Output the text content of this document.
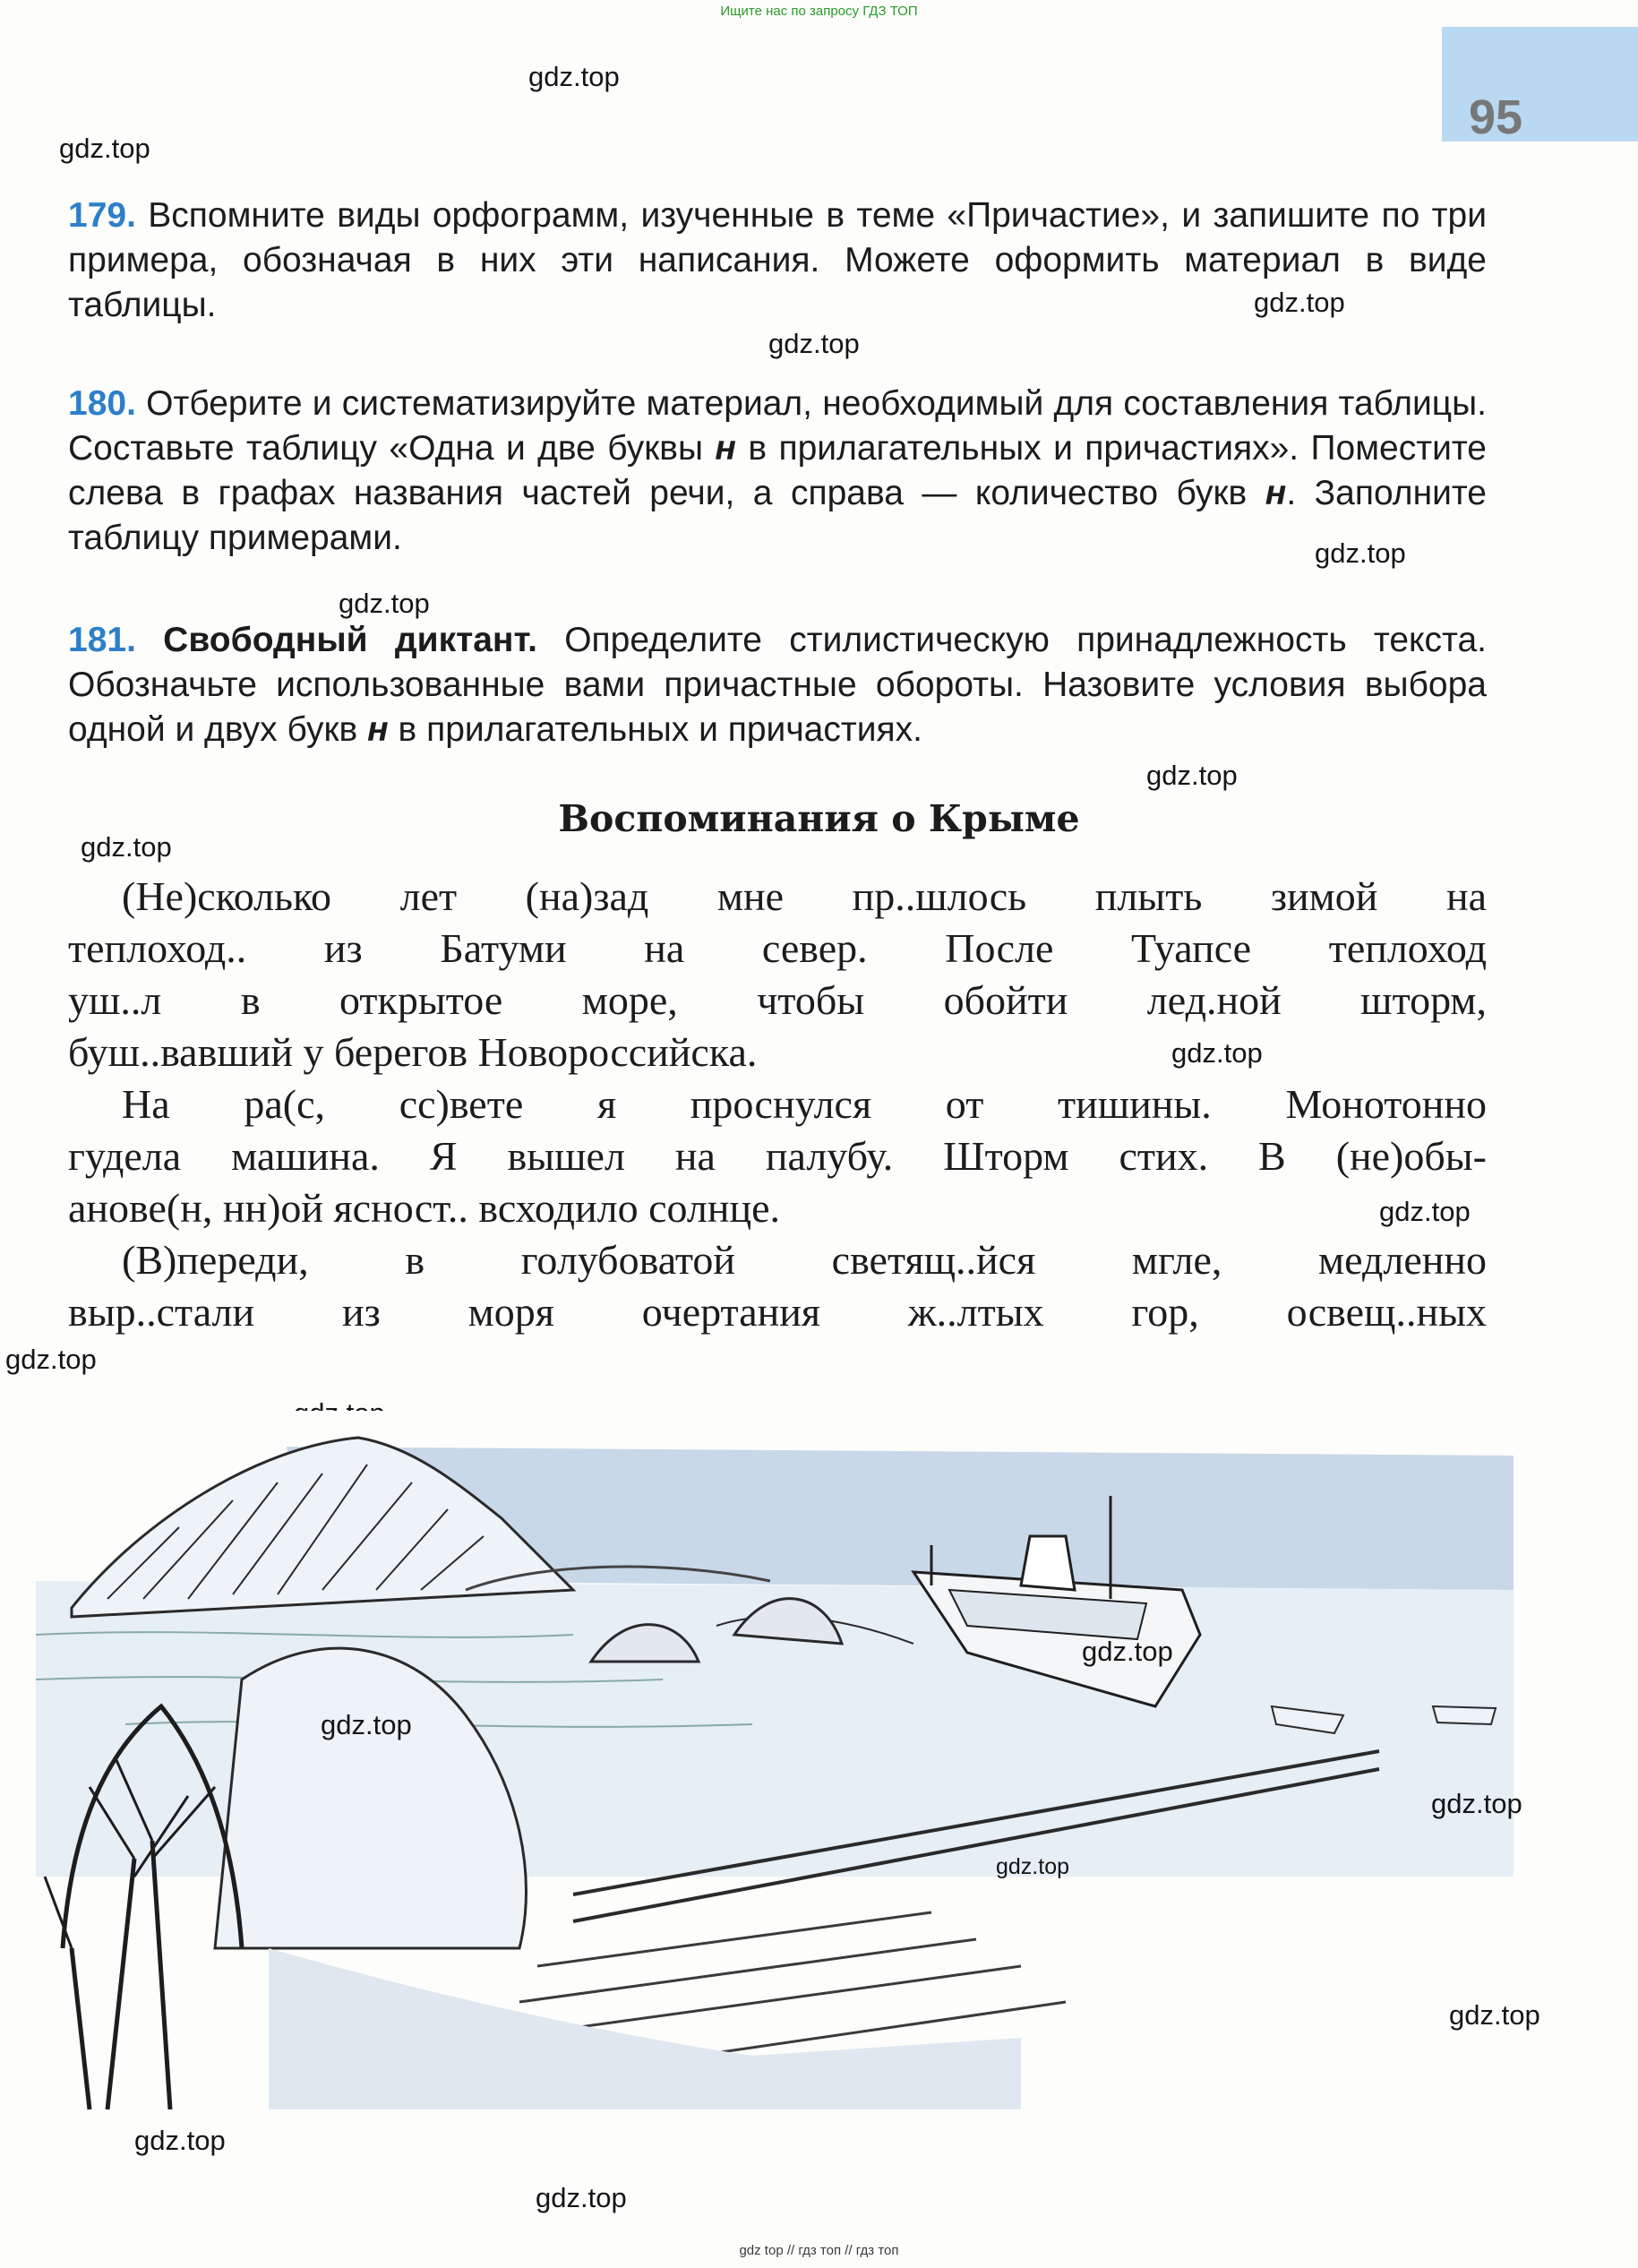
Ищите нас по запросу ГДЗ ТОП
95
gdz.top
gdz.top
gdz.top
gdz.top
gdz.top
gdz.top
gdz.top
gdz.top
gdz.top
gdz.top
gdz.top
179. Вспомните виды орфограмм, изученные в теме «Причастие», и запишите по три примера, обозначая в них эти написания. Можете оформить материал в виде таблицы.
180. Отберите и систематизируйте материал, необходимый для составления таблицы. Составьте таблицу «Одна и две буквы н в прилагательных и причастиях». Поместите слева в графах названия частей речи, а справа — количество букв н. Заполните таблицу примерами.
181. Свободный диктант. Определите стилистическую принадлежность текста. Обозначьте использованные вами причастные обороты. Назовите условия выбора одной и двух букв н в прилагательных и причастиях.
Воспоминания о Крыме
(Не)сколько лет (на)зад мне пр..шлось плыть зимой на
теплоход.. из Батуми на север. После Туапсе теплоход
уш..л в открытое море, чтобы обойти лед.ной шторм,
буш..вавший у берегов Новороссийска.
На ра(с, сс)вете я проснулся от тишины. Монотонно
гудела машина. Я вышел на палубу. Шторм стих. В (не)обы-
анове(н, нн)ой ясност.. всходило солнце.
(В)переди, в голубоватой светящ..йся мгле, медленно
выр..стали из моря очертания ж..лтых гор, освещ..ных
gdz.top
gdz.top
gdz.top
gdz.top
gdz.top
gdz.top
gdz.top
gdz top // гдз топ // гдз топ
